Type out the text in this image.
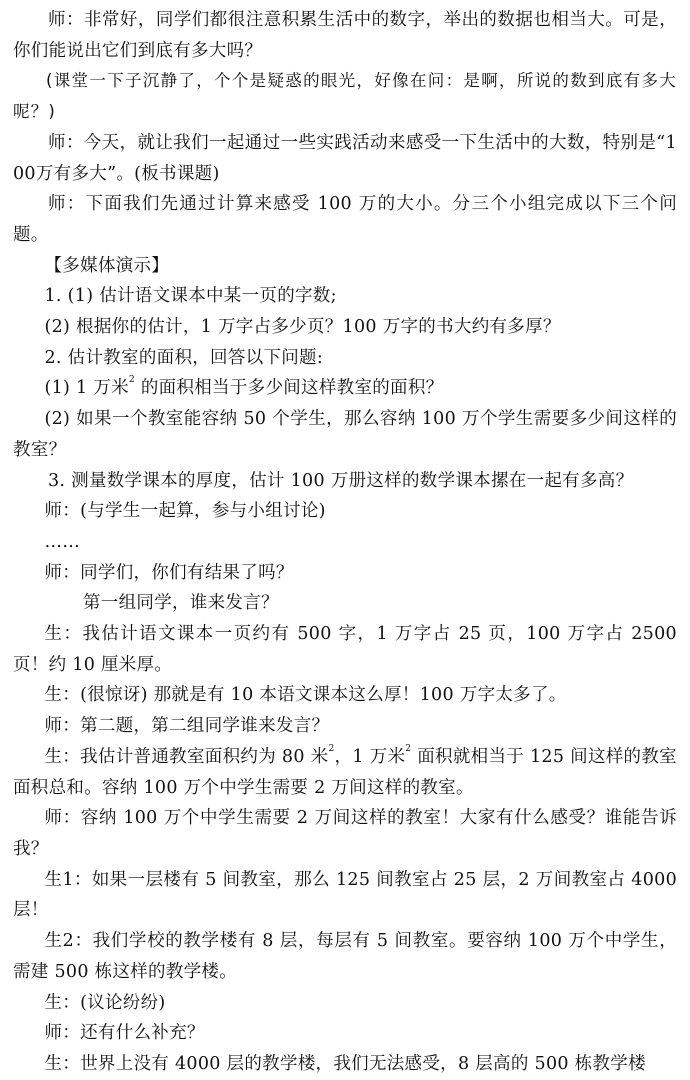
师：非常好，同学们都很注意积累生活中的数字，举出的数据也相当大。可是，你们能说出它们到底有多大吗？

(课堂一下子沉静了，个个是疑惑的眼光，好像在问：是啊，所说的数到底有多大呢？)

师：今天，就让我们一起通过一些实践活动来感受一下生活中的大数，特别是“100万有多大”。(板书课题)

师：下面我们先通过计算来感受 100 万的大小。分三个小组完成以下三个问题。

【多媒体演示】

1. (1) 估计语文课本中某一页的字数;

(2) 根据你的估计，1 万字占多少页？100 万字的书大约有多厚？

2. 估计教室的面积，回答以下问题:

(1) 1 万米$^2$ 的面积相当于多少间这样教室的面积？

(2) 如果一个教室能容纳 50 个学生，那么容纳 100 万个学生需要多少间这样的教室？

3. 测量数学课本的厚度，估计 100 万册这样的数学课本摞在一起有多高？

师：(与学生一起算，参与小组讨论)

……

师：同学们，你们有结果了吗？

第一组同学，谁来发言？

生：我估计语文课本一页约有 500 字，1 万字占 25 页，100 万字占 2500 页！约 10 厘米厚。

生：(很惊讶) 那就是有 10 本语文课本这么厚！100 万字太多了。

师：第二题，第二组同学谁来发言？

生：我估计普通教室面积约为 80 米$^2$，1 万米$^2$ 面积就相当于 125 间这样的教室面积总和。容纳 100 万个中学生需要 2 万间这样的教室。

师：容纳 100 万个中学生需要 2 万间这样的教室！大家有什么感受？谁能告诉我？

生1：如果一层楼有 5 间教室，那么 125 间教室占 25 层，2 万间教室占 4000 层！

生2：我们学校的教学楼有 8 层，每层有 5 间教室。要容纳 100 万个中学生，需建 500 栋这样的教学楼。

生：(议论纷纷)

师：还有什么补充？

生：世界上没有 4000 层的教学楼，我们无法感受，8 层高的 500 栋教学楼
